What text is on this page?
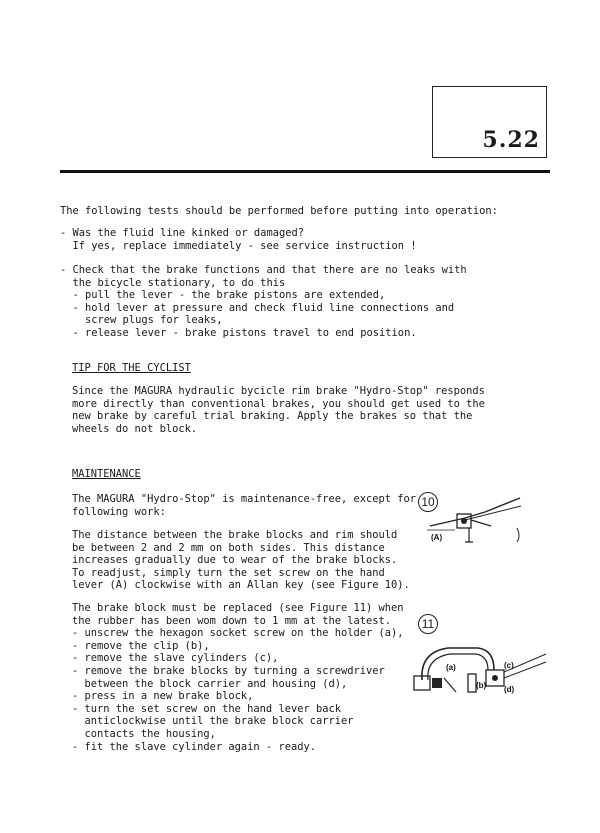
5.22

The following tests should be performed before putting into operation:

- Was the fluid line kinked or damaged?
If yes, replace immediately - see service instruction !

- Check that the brake functions and that there are no leaks with
the bicycle stationary, to do this
- pull the lever - the brake pistons are extended,
- hold lever at pressure and check fluid line connections and
screw plugs for leaks,
- release lever - brake pistons travel to end position.

TIP FOR THE CYCLIST

Since the MAGURA hydraulic bycicle rim brake "Hydro-Stop" responds
more directly than conventional brakes, you should get used to the
new brake by careful trial braking. Apply the brakes so that the
wheels do not block.

MAINTENANCE

The MAGURA "Hydro-Stop" is maintenance-free, except for
following work:

The distance between the brake blocks and rim should
be between 2 and 2 mm on both sides. This distance
increases gradually due to wear of the brake blocks.
To readjust, simply turn the set screw on the hand
lever (A) clockwise with an Allan key (see Figure 10).

The brake block must be replaced (see Figure 11) when
the rubber has been wom down to 1 mm at the latest.
- unscrew the hexagon socket screw on the holder (a),
- remove the clip (b),
- remove the slave cylinders (c),
- remove the brake blocks by turning a screwdriver
between the block carrier and housing (d),
- press in a new brake block,
- turn the set screw on the hand lever back
anticlockwise until the brake block carrier
contacts the housing,
- fit the slave cylinder again - ready.

10
(A)
11
(a)
(b)
(c)
(d)
